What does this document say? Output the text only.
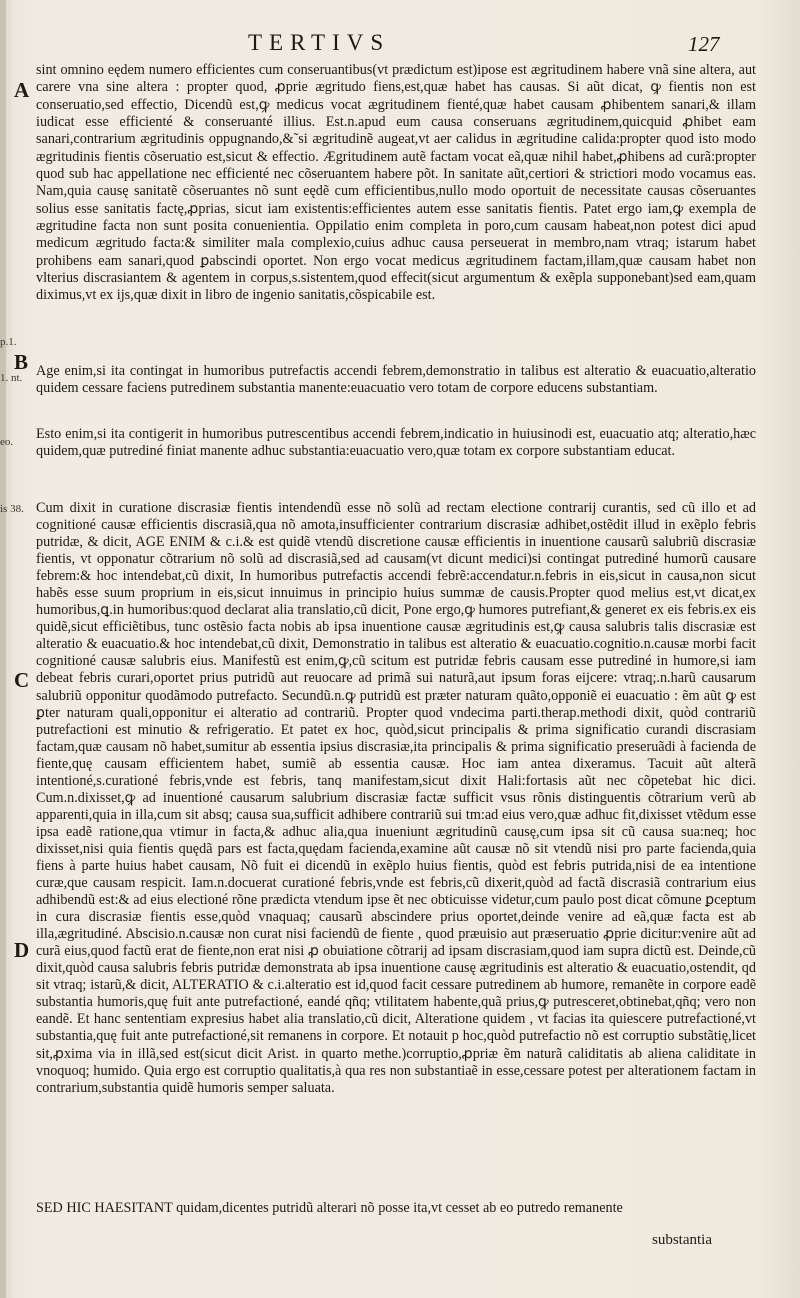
TERTIVS	127
A
B
C
D
p.1.
1. nt.
eo.
is 38.
sint omnino eędem numero efficientes cum conseruantibus(vt prædictum est)ipose est ægritudinem habere vnã sine altera, aut carere vna sine altera : propter quod, ꝓprie ægritudo fiens,est,quæ habet has causas. Si aũt dicat, ꝙ fientis non est conseruatio,sed effectio, Dicendũ est,ꝙ medicus vocat ægritudinem fienté,quæ habet causam ꝓhibentem sanari,& illam iudicat esse efficienté & conseruanté illius. Est.n.apud eum causa conseruans ægritudinem,quicquid ꝓhibet eam sanari,contrarium ægritudinis oppugnando,&̃ si ægritudinẽ augeat,vt aer calidus in ægritudine calida:propter quod isto modo ægritudinis fientis cõseruatio est,sicut & effectio. Ægritudinem autẽ factam vocat eã,quæ nihil habet,ꝓhibens ad curã:propter quod sub hac appellatione nec efficienté nec cõseruantem habere põt. In sanitate aũt,certiori & strictiori modo vocamus eas. Nam,quia causę sanitatẽ cõseruantes nõ sunt eędẽ cum efficientibus,nullo modo oportuit de necessitate causas cõseruantes solius esse sanitatis factę,ꝓprias, sicut iam existentis:efficientes autem esse sanitatis fientis. Patet ergo iam,ꝙ exempla de ægritudine facta non sunt posita conuenientia. Oppilatio enim completa in poro,cum causam habeat,non potest dici apud medicum ægritudo facta:& similiter mala complexio,cuius adhuc causa perseuerat in membro,nam vtraq; istarum habet prohibens eam sanari,quod ꝑabscindi oportet. Non ergo vocat medicus ægritudinem factam,illam,quæ causam habet non vlterius discrasiantem & agentem in corpus,s.sistentem,quod effecit(sicut argumentum & exẽpla supponebant)sed eam,quam diximus,vt ex ijs,quæ dixit in libro de ingenio sanitatis,cõspicabile est.
Age enim,si ita contingat in humoribus putrefactis accendi febrem,demonstratio in talibus est alteratio & euacuatio,alteratio quidem cessare faciens putredinem substantia manente:euacuatio vero totam de corpore educens substantiam.
Esto enim,si ita contigerit in humoribus putrescentibus accendi febrem,indicatio in huiusinodi est, euacuatio atq; alteratio,hæc quidem,quæ putrediné finiat manente adhuc substantia:euacuatio vero,quæ totam ex corpore substantiam educat.
Cum dixit in curatione discrasiæ fientis intendendũ esse nõ solũ ad rectam electione contrarij curantis, sed cũ illo et ad cognitioné causæ efficientis discrasiã,qua nõ amota,insufficienter contrarium discrasiæ adhibet,ostẽdit illud in exẽplo febris putridæ, & dicit, AGE ENIM & c.i.& est quidẽ vtendũ discretione causæ efficientis in inuentione causarũ salubriũ discrasiæ fientis, vt opponatur cõtrarium nõ solũ ad discrasiã,sed ad causam(vt dicunt medici)si contingat putrediné humorũ causare febrem:& hoc intendebat,cũ dixit, In humoribus putrefactis accendi febrẽ:accendatur.n.febris in eis,sicut in causa,non sicut habẽs esse suum proprium in eis,sicut innuimus in principio huius summæ de causis.Propter quod melius est,vt dicat,ex humoribus,ꝗ.in humoribus:quod declarat alia translatio,cũ dicit, Pone ergo,ꝙ humores putrefiant,& generet ex eis febris.ex eis quidẽ,sicut efficiẽtibus, tunc ostẽsio facta nobis ab ipsa inuentione causæ ægritudinis est,ꝙ causa salubris talis discrasiæ est alteratio & euacuatio.& hoc intendebat,cũ dixit, Demonstratio in talibus est alteratio & euacuatio.cognitio.n.causæ morbi facit cognitioné causæ salubris eius. Manifestũ est enim,ꝙ,cũ scitum est putridæ febris causam esse putrediné in humore,si iam debeat febris curari,oportet prius putridũ aut reuocare ad primã sui naturã,aut ipsum foras eijcere: vtraq;.n.harũ causarum salubriũ opponitur quodãmodo putrefacto. Secundũ.n.ꝙ putridũ est præter naturam quãto,opponiẽ ei euacuatio : ẽm aũt ꝙ est ꝑter naturam quali,opponitur ei alteratio ad contrariũ. Propter quod vndecima parti.therap.methodi dixit, quòd contrariũ putrefactioni est minutio & refrigeratio. Et patet ex hoc, quòd,sicut principalis & prima significatio curandi discrasiam factam,quæ causam nõ habet,sumitur ab essentia ipsius discrasiæ,ita principalis & prima significatio preseruãdi à facienda de fiente,quę causam efficientem habet, sumiẽ ab essentia causæ. Hoc iam antea dixeramus. Tacuit aũt alterã intentioné,s.curationé febris,vnde est febris, tanq manifestam,sicut dixit Hali:fortasis aũt nec cõpetebat hic dici. Cum.n.dixisset,ꝙ ad inuentioné causarum salubrium discrasiæ factæ sufficit vsus rõnis distinguentis cõtrarium verũ ab apparenti,quia in illa,cum sit absq; causa sua,sufficit adhibere contrariũ sui tm:ad eius vero,quæ adhuc fit,dixisset vtẽdum esse ipsa eadẽ ratione,qua vtimur in facta,& adhuc alia,qua inueniunt ægritudinũ causę,cum ipsa sit cũ causa sua:neq; hoc dixisset,nisi quia fientis quędã pars est facta,quędam facienda,examine aũt causæ nõ sit vtendũ nisi pro parte facienda,quia fiens à parte huius habet causam, Nõ fuit ei dicendũ in exẽplo huius fientis, quòd est febris putrida,nisi de ea intentione curæ,que causam respicit. Iam.n.docuerat curationé febris,vnde est febris,cũ dixerit,quòd ad factã discrasiã contrarium eius adhibendũ est:& ad eius electioné rõne prædicta vtendum ipse ẽt nec obticuisse videtur,cum paulo post dicat cõmune ꝑceptum in cura discrasiæ fientis esse,quòd vnaquaq; causarũ abscindere prius oportet,deinde venire ad eã,quæ facta est ab illa,ægritudiné. Abscisio.n.causæ non curat nisi faciendũ de fiente , quod præuisio aut præseruatio ꝓprie dicitur:venire aũt ad curã eius,quod factũ erat de fiente,non erat nisi ꝓ obuiatione cõtrarij ad ipsam discrasiam,quod iam supra dictũ est. Deinde,cũ dixit,quòd causa salubris febris putridæ demonstrata ab ipsa inuentione causę ægritudinis est alteratio & euacuatio,ostendit, qd sit vtraq; istarũ,& dicit, ALTERATIO & c.i.alteratio est id,quod facit cessare putredinem ab humore, remanẽte in corpore eadẽ substantia humoris,quę fuit ante putrefactioné, eandé qñq; vtilitatem habente,quã prius,ꝙ putresceret,obtinebat,qñq; vero non eandẽ. Et hanc sententiam expresius habet alia translatio,cũ dicit, Alteratione quidem , vt facias ita quiescere putrefactioné,vt substantia,quę fuit ante putrefactioné,sit remanens in corpore. Et notauit p hoc,quòd putrefactio nõ est corruptio substãtię,licet sit,ꝓxima via in illã,sed est(sicut dicit Arist. in quarto methe.)corruptio,ꝓpriæ ẽm naturã caliditatis ab aliena caliditate in vnoquoq; humido. Quia ergo est corruptio qualitatis,à qua res non substantiaẽ in esse,cessare potest per alterationem factam in contrarium,substantia quidẽ humoris semper saluata.
SED HIC HAESITANT quidam,dicentes putridũ alterari nõ posse ita,vt cesset ab eo putredo remanente
substantia
